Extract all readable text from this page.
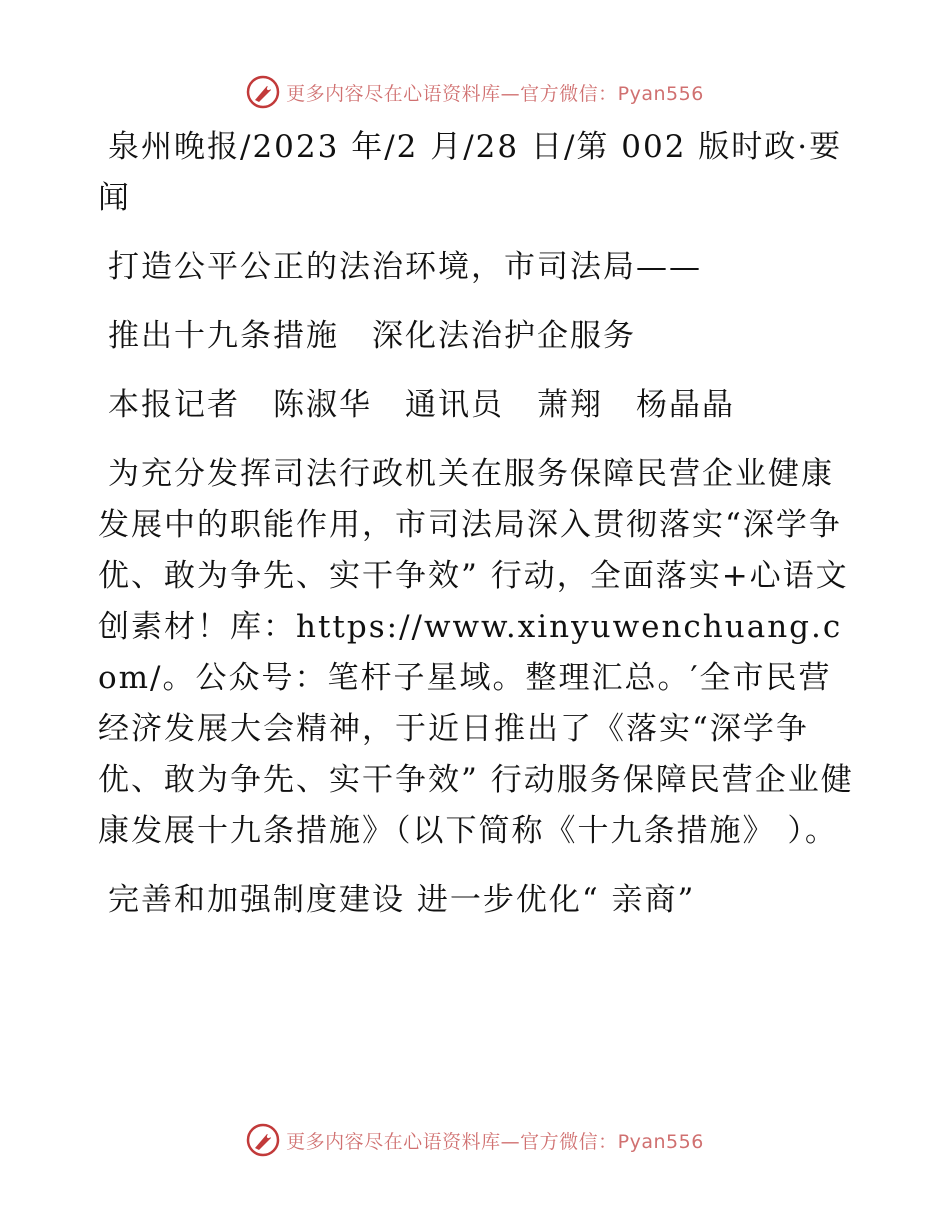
更多内容尽在心语资料库—官方微信：Pyan556

泉州晚报/2023 年/2 月/28 日/第 002 版时政·要闻

打造公平公正的法治环境，市司法局——

推出十九条措施　深化法治护企服务

本报记者　陈淑华　通讯员　萧翔　杨晶晶

为充分发挥司法行政机关在服务保障民营企业健康发展中的职能作用，市司法局深入贯彻落实“深学争优、敢为争先、实干争效” 行动，全面落实+心语文创素材！库：https://www.xinyuwenchuang.com/。公众号：笔杆子星域。整理汇总。′全市民营经济发展大会精神，于近日推出了《落实“深学争优、敢为争先、实干争效” 行动服务保障民营企业健康发展十九条措施》（以下简称《十九条措施》 ）。

完善和加强制度建设 进一步优化“ 亲商”

更多内容尽在心语资料库—官方微信：Pyan556
